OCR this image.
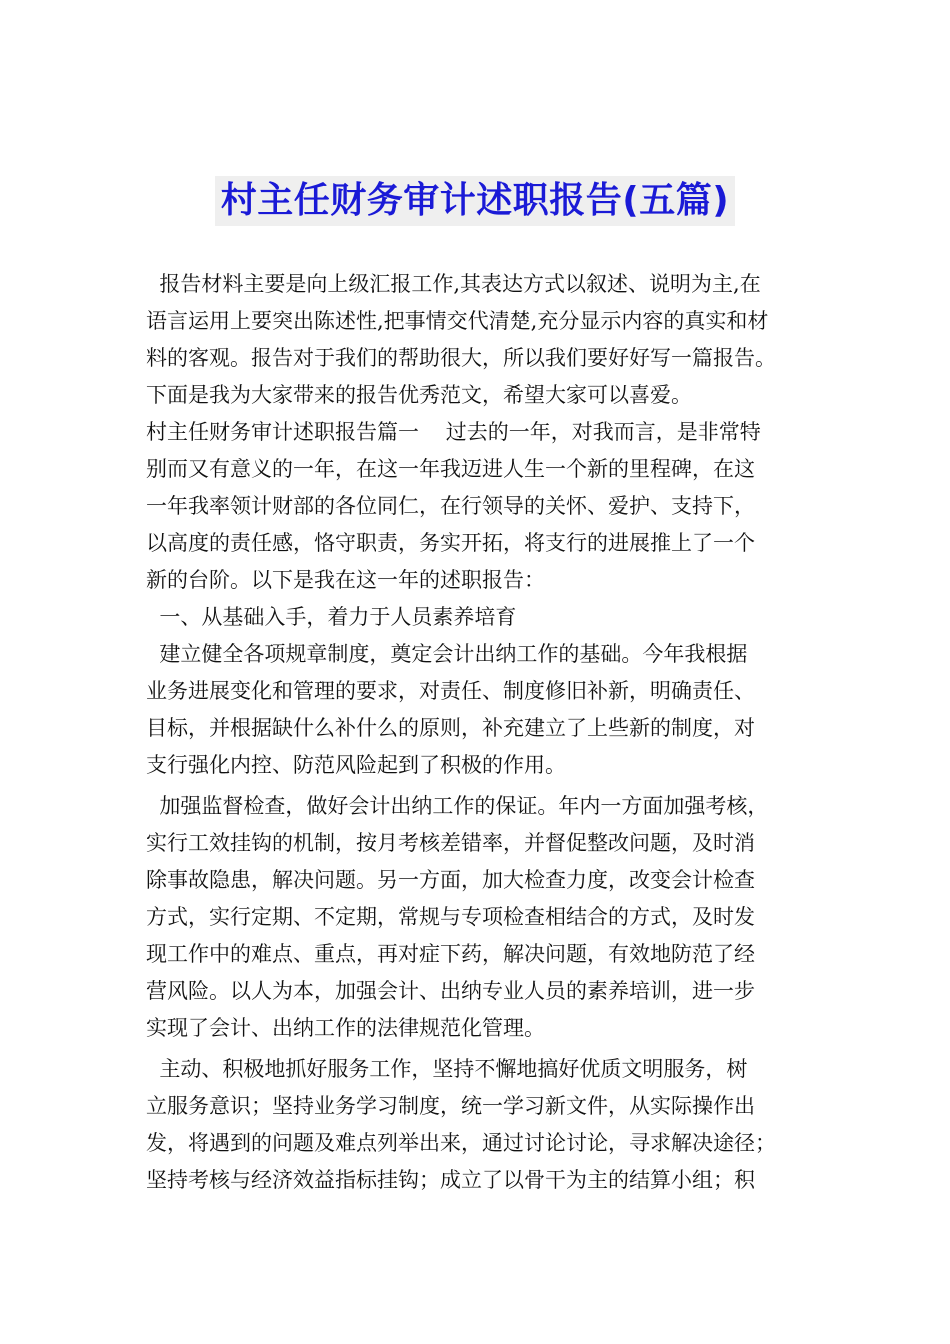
村主任财务审计述职报告(五篇)
报告材料主要是向上级汇报工作,其表达方式以叙述、说明为主,在
语言运用上要突出陈述性,把事情交代清楚,充分显示内容的真实和材
料的客观。报告对于我们的帮助很大，所以我们要好好写一篇报告。
下面是我为大家带来的报告优秀范文，希望大家可以喜爱。
村主任财务审计述职报告篇一    过去的一年，对我而言，是非常特
别而又有意义的一年，在这一年我迈进人生一个新的里程碑，在这
一年我率领计财部的各位同仁，在行领导的关怀、爱护、支持下，
以高度的责任感，恪守职责，务实开拓，将支行的进展推上了一个
新的台阶。以下是我在这一年的述职报告：
一、从基础入手，着力于人员素养培育
建立健全各项规章制度，奠定会计出纳工作的基础。今年我根据
业务进展变化和管理的要求，对责任、制度修旧补新，明确责任、
目标，并根据缺什么补什么的原则，补充建立了上些新的制度，对
支行强化内控、防范风险起到了积极的作用。
加强监督检查，做好会计出纳工作的保证。年内一方面加强考核，
实行工效挂钩的机制，按月考核差错率，并督促整改问题，及时消
除事故隐患，解决问题。另一方面，加大检查力度，改变会计检查
方式，实行定期、不定期，常规与专项检查相结合的方式，及时发
现工作中的难点、重点，再对症下药，解决问题，有效地防范了经
营风险。以人为本，加强会计、出纳专业人员的素养培训，进一步
实现了会计、出纳工作的法律规范化管理。
主动、积极地抓好服务工作，坚持不懈地搞好优质文明服务，树
立服务意识；坚持业务学习制度，统一学习新文件，从实际操作出
发，将遇到的问题及难点列举出来，通过讨论讨论，寻求解决途径；
坚持考核与经济效益指标挂钩；成立了以骨干为主的结算小组；积
